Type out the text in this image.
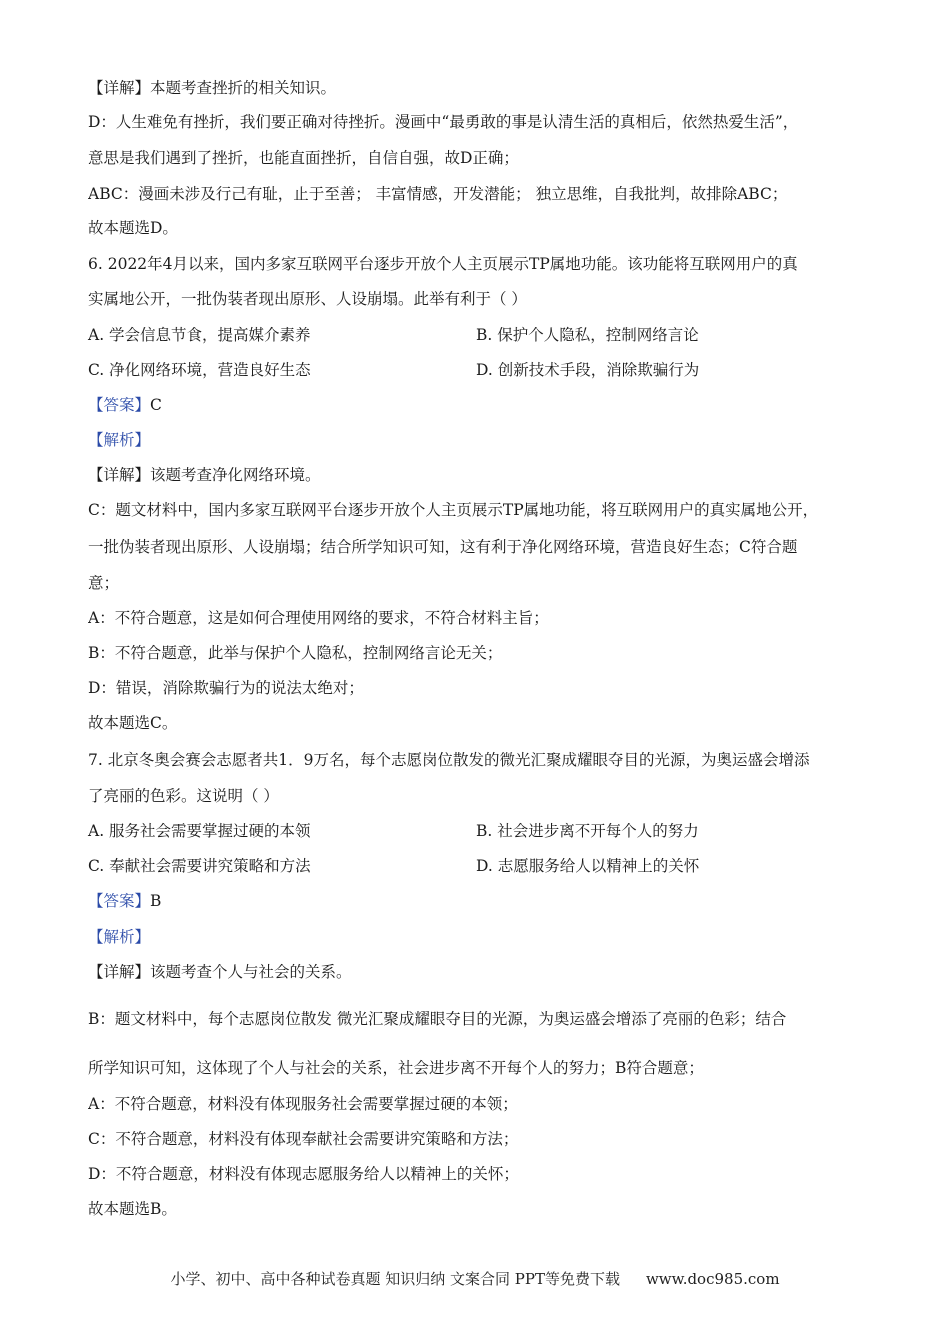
【详解】本题考查挫折的相关知识。
D：人生难免有挫折，我们要正确对待挫折。漫画中“最勇敢的事是认清生活的真相后，依然热爱生活”，
意思是我们遇到了挫折，也能直面挫折，自信自强，故D正确；
ABC：漫画未涉及行己有耻，止于至善； 丰富情感，开发潜能； 独立思维，自我批判，故排除ABC；
故本题选D。
6. 2022年4月以来，国内多家互联网平台逐步开放个人主页展示TP属地功能。该功能将互联网用户的真
实属地公开，一批伪装者现出原形、人设崩塌。此举有利于（ ）
A. 学会信息节食，提高媒介素养	B. 保护个人隐私，控制网络言论
C. 净化网络环境，营造良好生态	D. 创新技术手段，消除欺骗行为
【答案】C
【解析】
【详解】该题考查净化网络环境。
C：题文材料中，国内多家互联网平台逐步开放个人主页展示TP属地功能，将互联网用户的真实属地公开，
一批伪装者现出原形、人设崩塌；结合所学知识可知，这有利于净化网络环境，营造良好生态；C符合题
意；
A：不符合题意，这是如何合理使用网络的要求，不符合材料主旨；
B：不符合题意，此举与保护个人隐私，控制网络言论无关；
D：错误，消除欺骗行为的说法太绝对；
故本题选C。
7. 北京冬奥会赛会志愿者共1．9万名，每个志愿岗位散发的微光汇聚成耀眼夺目的光源，为奥运盛会增添
了亮丽的色彩。这说明（ ）
A. 服务社会需要掌握过硬的本领	B. 社会进步离不开每个人的努力
C. 奉献社会需要讲究策略和方法	D. 志愿服务给人以精神上的关怀
【答案】B
【解析】
【详解】该题考查个人与社会的关系。
B：题文材料中，每个志愿岗位散发 微光汇聚成耀眼夺目的光源，为奥运盛会增添了亮丽的色彩；结合
所学知识可知，这体现了个人与社会的关系，社会进步离不开每个人的努力；B符合题意；
A：不符合题意，材料没有体现服务社会需要掌握过硬的本领；
C：不符合题意，材料没有体现奉献社会需要讲究策略和方法；
D：不符合题意，材料没有体现志愿服务给人以精神上的关怀；
故本题选B。
小学、初中、高中各种试卷真题 知识归纳 文案合同 PPT等免费下载 www.doc985.com
